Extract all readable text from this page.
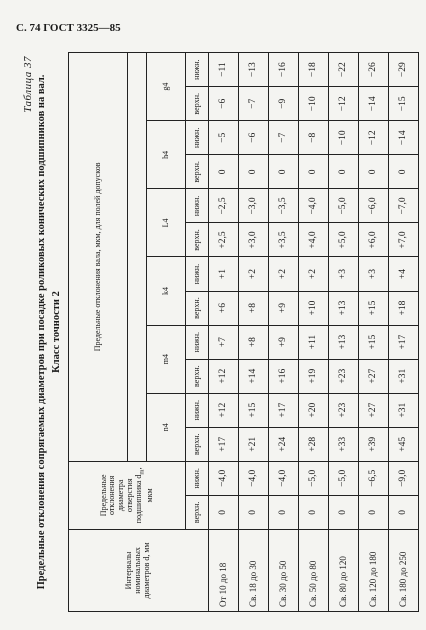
С. 74 ГОСТ 3325—85
Таблица 37 Предельные отклонения сопрягаемых диаметров при посадке роликовых конических подшипников на вал. Класс точности 2
Интервалы номинальных диаметров d, мм	Предельные отклонения диаметра отверстия подшипника $d_m$, мкм		Предельные отклонения вала, мкм, для полей допусков											

			n4		m4		k4		L4		h4		g4	
	верхн.	нижн.	верхн.	нижн.	верхн.	нижн.	верхн.	нижн.	верхн.	нижн.	верхн.	нижн.	верхн.	нижн.
От 10 до 18	0	−4,0	+17	+12	+12	+7	+6	+1	+2,5	−2,5	0	−5	−6	−11
Св. 18 до 30	0	−4,0	+21	+15	+14	+8	+8	+2	+3,0	−3,0	0	−6	−7	−13
Св. 30 до 50	0	−4,0	+24	+17	+16	+9	+9	+2	+3,5	−3,5	0	−7	−9	−16
Св. 50 до 80	0	−5,0	+28	+20	+19	+11	+10	+2	+4,0	−4,0	0	−8	−10	−18
Св. 80 до 120	0	−5,0	+33	+23	+23	+13	+13	+3	+5,0	−5,0	0	−10	−12	−22
Св. 120 до 180	0	−6,5	+39	+27	+27	+15	+15	+3	+6,0	−6,0	0	−12	−14	−26
Св. 180 до 250	0	−9,0	+45	+31	+31	+17	+18	+4	+7,0	−7,0	0	−14	−15	−29
